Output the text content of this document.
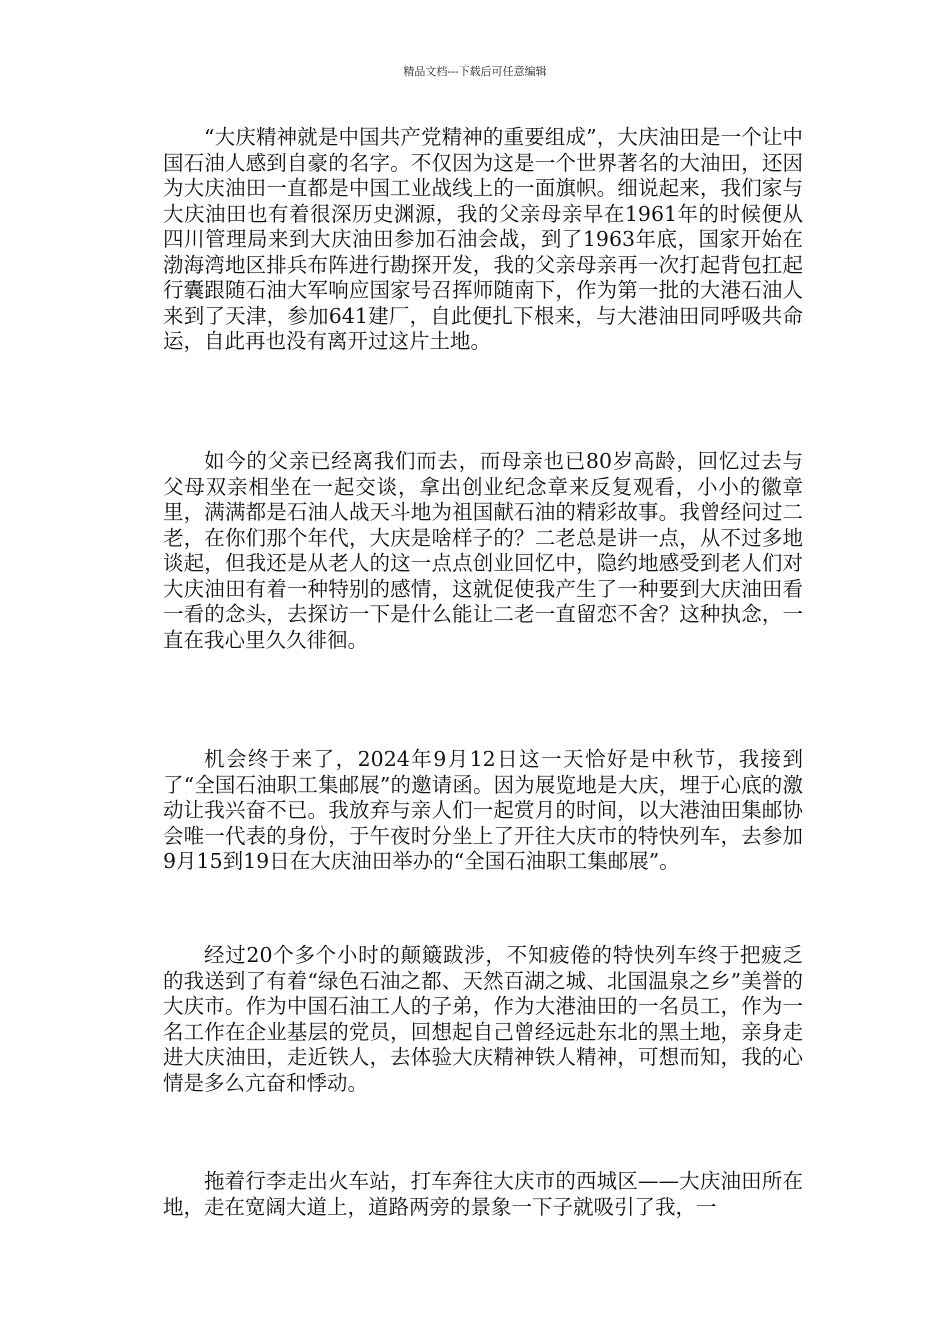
精品文档---下载后可任意编辑

“大庆精神就是中国共产党精神的重要组成”，大庆油田是一个让中国石油人感到自豪的名字。不仅因为这是一个世界著名的大油田，还因为大庆油田一直都是中国工业战线上的一面旗帜。细说起来，我们家与大庆油田也有着很深历史渊源，我的父亲母亲早在1961年的时候便从四川管理局来到大庆油田参加石油会战，到了1963年底，国家开始在渤海湾地区排兵布阵进行勘探开发，我的父亲母亲再一次打起背包扛起行囊跟随石油大军响应国家号召挥师随南下，作为第一批的大港石油人来到了天津，参加641建厂，自此便扎下根来，与大港油田同呼吸共命运，自此再也没有离开过这片土地。

如今的父亲已经离我们而去，而母亲也已80岁高龄，回忆过去与父母双亲相坐在一起交谈，拿出创业纪念章来反复观看，小小的徽章里，满满都是石油人战天斗地为祖国献石油的精彩故事。我曾经问过二老，在你们那个年代，大庆是啥样子的？二老总是讲一点，从不过多地谈起，但我还是从老人的这一点点创业回忆中，隐约地感受到老人们对大庆油田有着一种特别的感情，这就促使我产生了一种要到大庆油田看一看的念头，去探访一下是什么能让二老一直留恋不舍？这种执念，一直在我心里久久徘徊。

机会终于来了，2024年9月12日这一天恰好是中秋节，我接到了“全国石油职工集邮展”的邀请函。因为展览地是大庆，埋于心底的激动让我兴奋不已。我放弃与亲人们一起赏月的时间，以大港油田集邮协会唯一代表的身份，于午夜时分坐上了开往大庆市的特快列车，去参加9月15到19日在大庆油田举办的“全国石油职工集邮展”。

经过20个多个小时的颠簸跋涉，不知疲倦的特快列车终于把疲乏的我送到了有着“绿色石油之都、天然百湖之城、北国温泉之乡”美誉的大庆市。作为中国石油工人的子弟，作为大港油田的一名员工，作为一名工作在企业基层的党员，回想起自己曾经远赴东北的黑土地，亲身走进大庆油田，走近铁人，去体验大庆精神铁人精神，可想而知，我的心情是多么亢奋和悸动。

拖着行李走出火车站，打车奔往大庆市的西城区——大庆油田所在地，走在宽阔大道上，道路两旁的景象一下子就吸引了我，一
